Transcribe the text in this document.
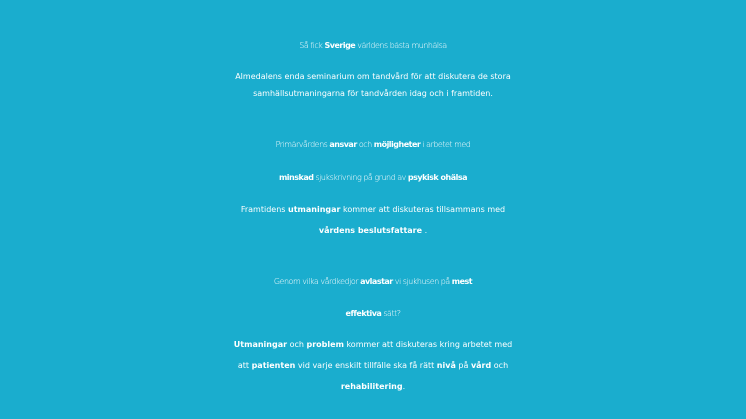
Så fick Sverige världens bästa munhälsa
Almedalens enda seminarium om tandvård för att diskutera de stora
samhällsutmaningarna för tandvården idag och i framtiden.
Primärvårdens ansvar och möjligheter i arbetet med
minskad sjukskrivning på grund av psykisk ohälsa
Framtidens utmaningar kommer att diskuteras tillsammans med
vårdens beslutsfattare .
Genom vilka vårdkedjor avlastar vi sjukhusen på mest
effektiva sätt?
Utmaningar och problem kommer att diskuteras kring arbetet med
att patienten vid varje enskilt tillfälle ska få rätt nivå på vård och
rehabilitering.
